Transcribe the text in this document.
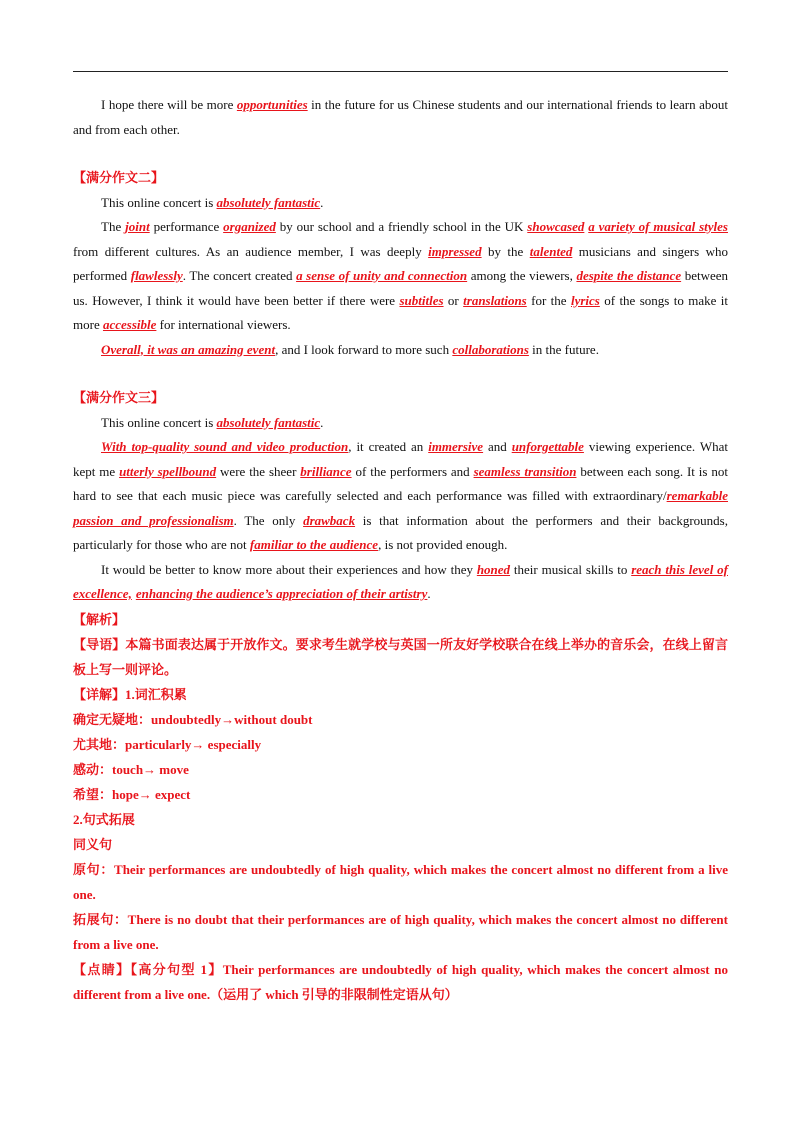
I hope there will be more opportunities in the future for us Chinese students and our international friends to learn about and from each other.

【满分作文二】

This online concert is absolutely fantastic.

The joint performance organized by our school and a friendly school in the UK showcased a variety of musical styles from different cultures. As an audience member, I was deeply impressed by the talented musicians and singers who performed flawlessly. The concert created a sense of unity and connection among the viewers, despite the distance between us. However, I think it would have been better if there were subtitles or translations for the lyrics of the songs to make it more accessible for international viewers.

Overall, it was an amazing event, and I look forward to more such collaborations in the future.

【满分作文三】

This online concert is absolutely fantastic.

With top-quality sound and video production, it created an immersive and unforgettable viewing experience. What kept me utterly spellbound were the sheer brilliance of the performers and seamless transition between each song. It is not hard to see that each music piece was carefully selected and each performance was filled with extraordinary/remarkable passion and professionalism. The only drawback is that information about the performers and their backgrounds, particularly for those who are not familiar to the audience, is not provided enough.

It would be better to know more about their experiences and how they honed their musical skills to reach this level of excellence, enhancing the audience’s appreciation of their artistry.

【解析】

【导语】本篇书面表达属于开放作文。要求考生就学校与英国一所友好学校联合在线上举办的音乐会，在线上留言板上写一则评论。

【详解】1.词汇积累

确定无疑地：undoubtedly→without doubt

尤其地：particularly→ especially

感动：touch→ move

希望：hope→ expect

2.句式拓展

同义句

原句：Their performances are undoubtedly of high quality, which makes the concert almost no different from a live one.

拓展句：There is no doubt that their performances are of high quality, which makes the concert almost no different from a live one.

【点睛】【高分句型 1】Their performances are undoubtedly of high quality, which makes the concert almost no different from a live one.（运用了 which 引导的非限制性定语从句）
